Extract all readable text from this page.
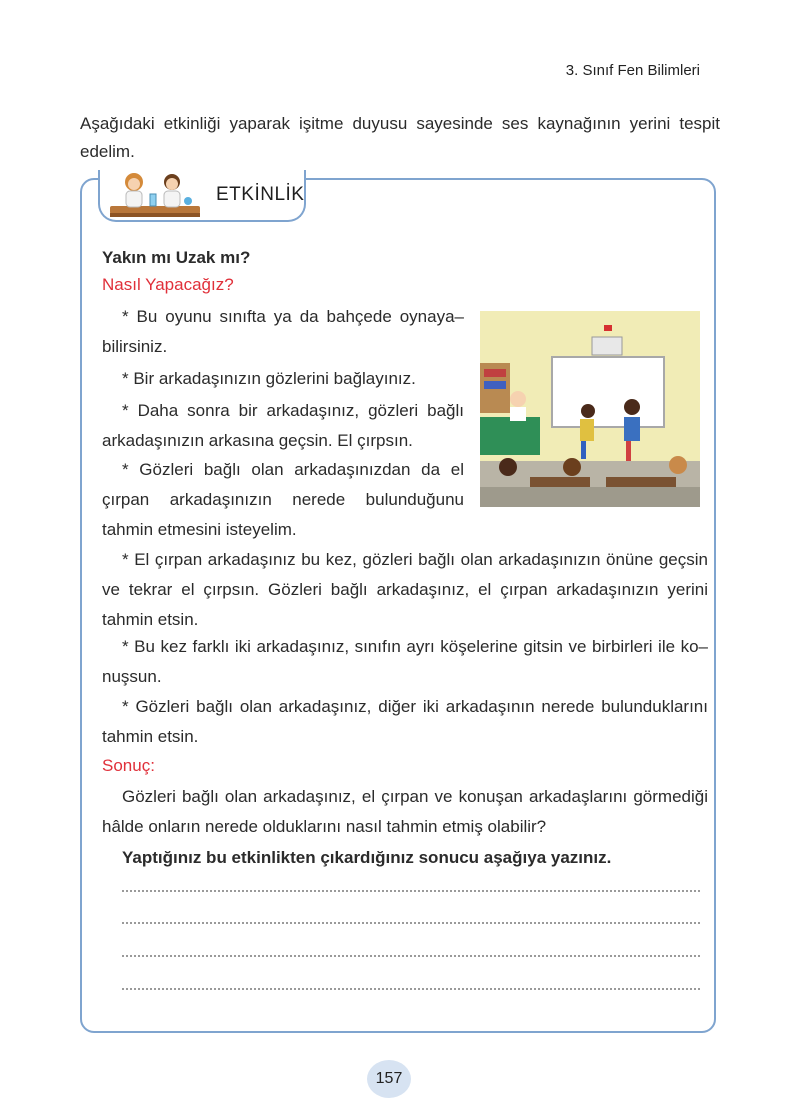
3. Sınıf Fen Bilimleri
Aşağıdaki etkinliği yaparak işitme duyusu sayesinde ses kaynağının yerini tespit edelim.
ETKİNLİK
Yakın mı Uzak mı?
Nasıl Yapacağız?
* Bu oyunu sınıfta ya da bahçede oynaya– bilirsiniz.
* Bir arkadaşınızın gözlerini bağlayınız.
* Daha sonra bir arkadaşınız, gözleri bağlı arkadaşınızın arkasına geçsin. El çırpsın.
* Gözleri bağlı olan arkadaşınızdan da el çırpan arkadaşınızın nerede bulunduğunu tahmin etmesini isteyelim.
* El çırpan arkadaşınız bu kez, gözleri bağlı olan arkadaşınızın önüne geçsin ve tekrar el çırpsın. Gözleri bağlı arkadaşınız, el çırpan arkadaşınızın yerini tahmin etsin.
* Bu kez farklı iki arkadaşınız, sınıfın ayrı köşelerine gitsin ve birbirleri ile ko– nuşsun.
* Gözleri bağlı olan arkadaşınız, diğer iki arkadaşının nerede bulunduklarını tahmin etsin.
Sonuç:
Gözleri bağlı olan arkadaşınız, el çırpan ve konuşan arkadaşlarını görmediği hâlde onların nerede olduklarını nasıl tahmin etmiş olabilir?
Yaptığınız bu etkinlikten çıkardığınız sonucu aşağıya yazınız.
157
